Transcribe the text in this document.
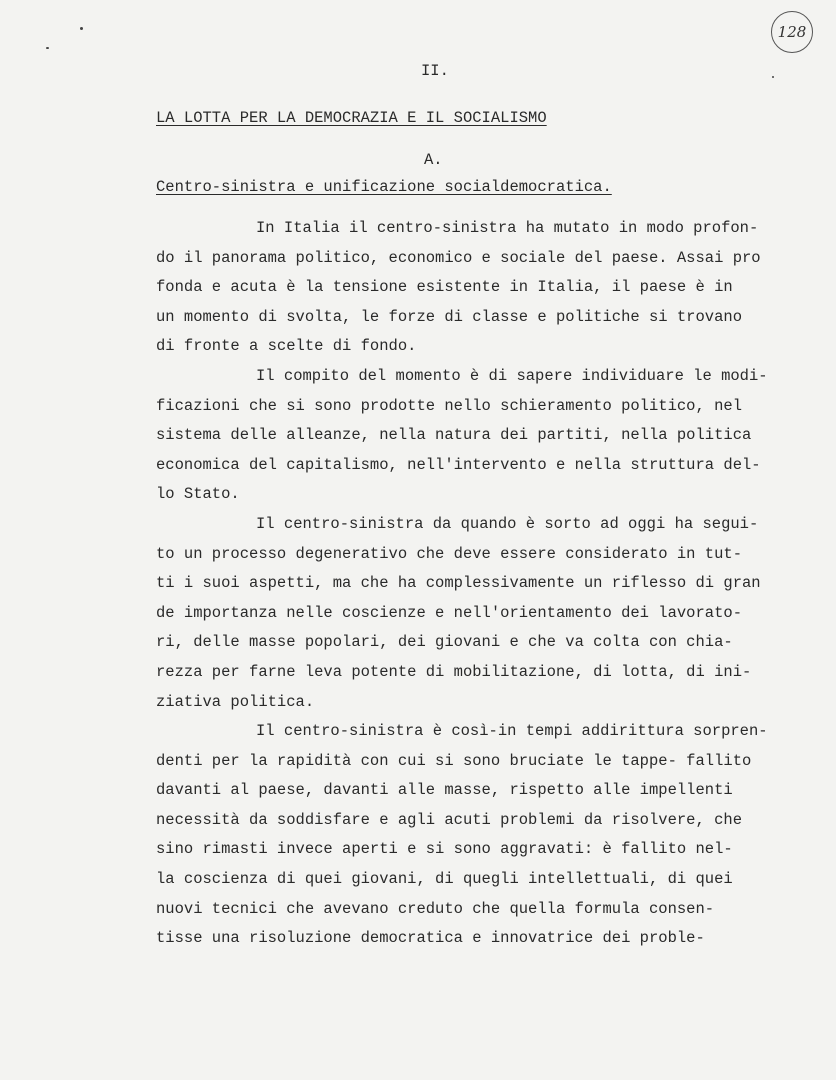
128
II.
LA LOTTA PER LA DEMOCRAZIA E IL SOCIALISMO
A.
Centro-sinistra e unificazione socialdemocratica.

In Italia il centro-sinistra ha mutato in modo profon-
do il panorama politico, economico e sociale del paese. Assai pro
fonda e acuta è la tensione esistente in Italia, il paese è in
un momento di svolta, le forze di classe e politiche si trovano
di fronte a scelte di fondo.
Il compito del momento è di sapere individuare le modi-
ficazioni che si sono prodotte nello schieramento politico, nel
sistema delle alleanze, nella natura dei partiti, nella politica
economica del capitalismo, nell'intervento e nella struttura del-
lo Stato.
Il centro-sinistra da quando è sorto ad oggi ha segui-
to un processo degenerativo che deve essere considerato in tut-
ti i suoi aspetti, ma che ha complessivamente un riflesso di gran
de importanza nelle coscienze e nell'orientamento dei lavorato-
ri, delle masse popolari, dei giovani e che va colta con chia-
rezza per farne leva potente di mobilitazione, di lotta, di ini-
ziativa politica.
Il centro-sinistra è così-in tempi addirittura sorpren-
denti per la rapidità con cui si sono bruciate le tappe- fallito
davanti al paese, davanti alle masse, rispetto alle impellenti
necessità da soddisfare e agli acuti problemi da risolvere, che
sino rimasti invece aperti e si sono aggravati: è fallito nel-
la coscienza di quei giovani, di quegli intellettuali, di quei
nuovi tecnici che avevano creduto che quella formula consen-
tisse una risoluzione democratica e innovatrice dei proble-
